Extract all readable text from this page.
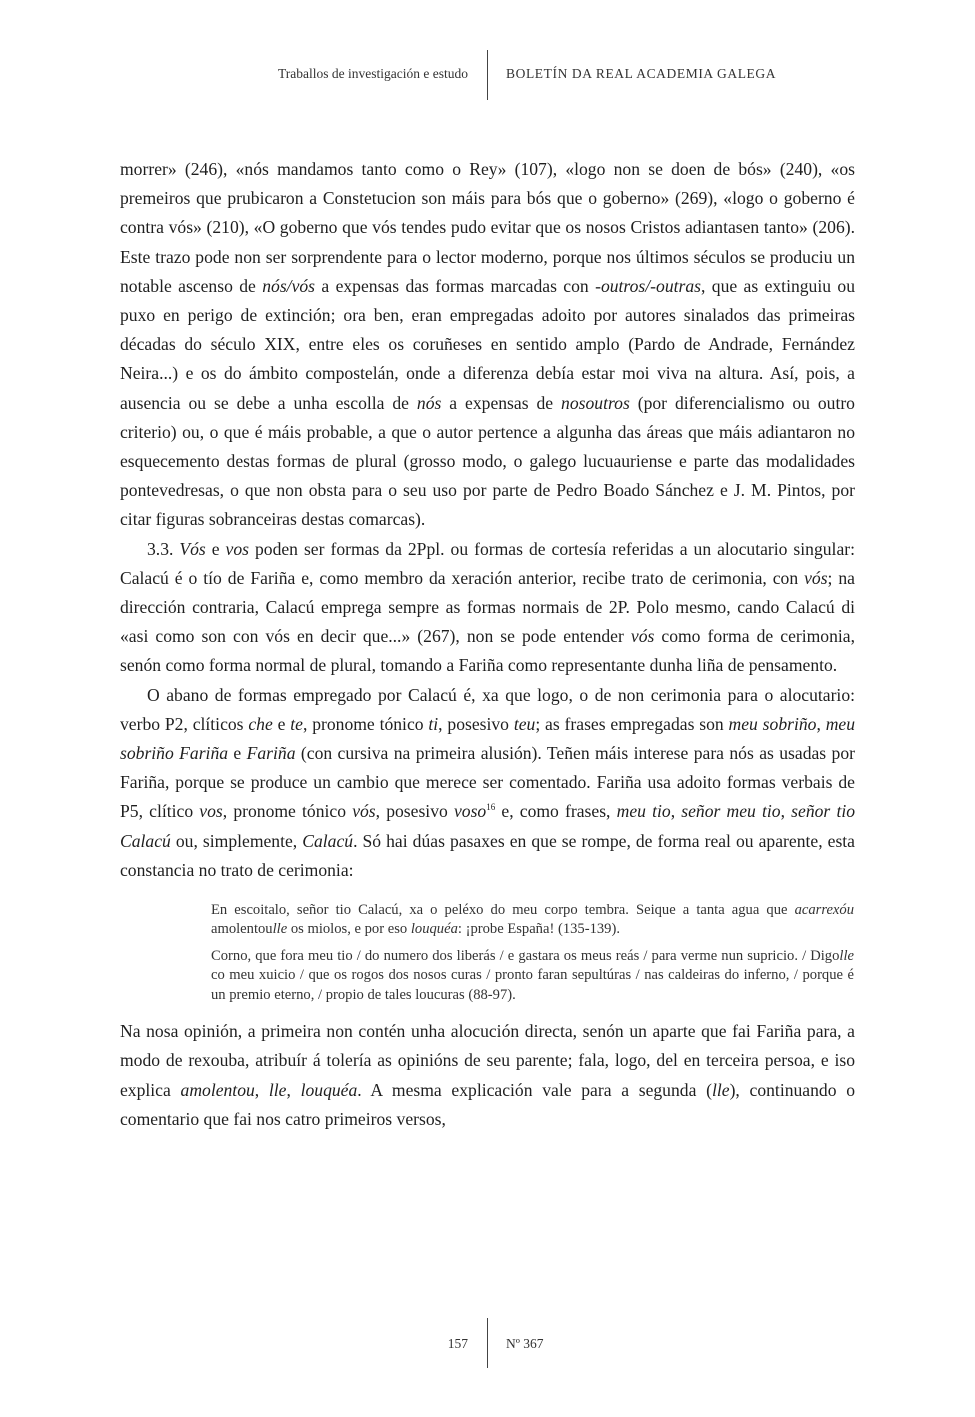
Traballos de investigación e estudo	BOLETÍN DA REAL ACADEMIA GALEGA

morrer» (246), «nós mandamos tanto como o Rey» (107), «logo non se doen de bós» (240), «os premeiros que prubicaron a Constetucion son máis para bós que o goberno» (269), «logo o goberno é contra vós» (210), «O goberno que vós tendes pudo evitar que os nosos Cristos adiantasen tanto» (206). Este trazo pode non ser sorprendente para o lector moderno, porque nos últimos séculos se produciu un notable ascenso de nós/vós a expensas das formas marcadas con -outros/-outras, que as extinguiu ou puxo en perigo de extinción; ora ben, eran empregadas adoito por autores sinalados das primeiras décadas do século XIX, entre eles os coruñeses en sentido amplo (Pardo de Andrade, Fernández Neira...) e os do ámbito compostelán, onde a diferenza debía estar moi viva na altura. Así, pois, a ausencia ou se debe a unha escolla de nós a expensas de nosoutros (por diferencialismo ou outro criterio) ou, o que é máis probable, a que o autor pertence a algunha das áreas que máis adiantaron no esquecemento destas formas de plural (grosso modo, o galego lucuauriense e parte das modalidades pontevedresas, o que non obsta para o seu uso por parte de Pedro Boado Sánchez e J. M. Pintos, por citar figuras sobranceiras destas comarcas).

3.3. Vós e vos poden ser formas da 2Ppl. ou formas de cortesía referidas a un alocutario singular: Calacú é o tío de Fariña e, como membro da xeración anterior, recibe trato de cerimonia, con vós; na dirección contraria, Calacú emprega sempre as formas normais de 2P. Polo mesmo, cando Calacú di «asi como son con vós en decir que...» (267), non se pode entender vós como forma de cerimonia, senón como forma normal de plural, tomando a Fariña como representante dunha liña de pensamento.

O abano de formas empregado por Calacú é, xa que logo, o de non cerimonia para o alocutario: verbo P2, clíticos che e te, pronome tónico ti, posesivo teu; as frases empregadas son meu sobriño, meu sobriño Fariña e Fariña (con cursiva na primeira alusión). Teñen máis interese para nós as usadas por Fariña, porque se produce un cambio que merece ser comentado. Fariña usa adoito formas verbais de P5, clítico vos, pronome tónico vós, posesivo voso$^{16}$ e, como frases, meu tio, señor meu tio, señor tio Calacú ou, simplemente, Calacú. Só hai dúas pasaxes en que se rompe, de forma real ou aparente, esta constancia no trato de cerimonia:

En escoitalo, señor tio Calacú, xa o peléxo do meu corpo tembra. Seique a tanta agua que acarrexóu amolentoulle os miolos, e por eso louquéa: ¡probe España! (135-139).

Corno, que fora meu tio / do numero dos liberás / e gastara os meus reás / para verme nun supricio. / Digolle co meu xuicio / que os rogos dos nosos curas / pronto faran sepultúras / nas caldeiras do inferno, / porque é un premio eterno, / propio de tales loucuras (88-97).

Na nosa opinión, a primeira non contén unha alocución directa, senón un aparte que fai Fariña para, a modo de rexouba, atribuír á tolería as opinións de seu parente; fala, logo, del en terceira persoa, e iso explica amolentou, lle, louquéa. A mesma explicación vale para a segunda (lle), continuando o comentario que fai nos catro primeiros versos,

157	Nº 367
